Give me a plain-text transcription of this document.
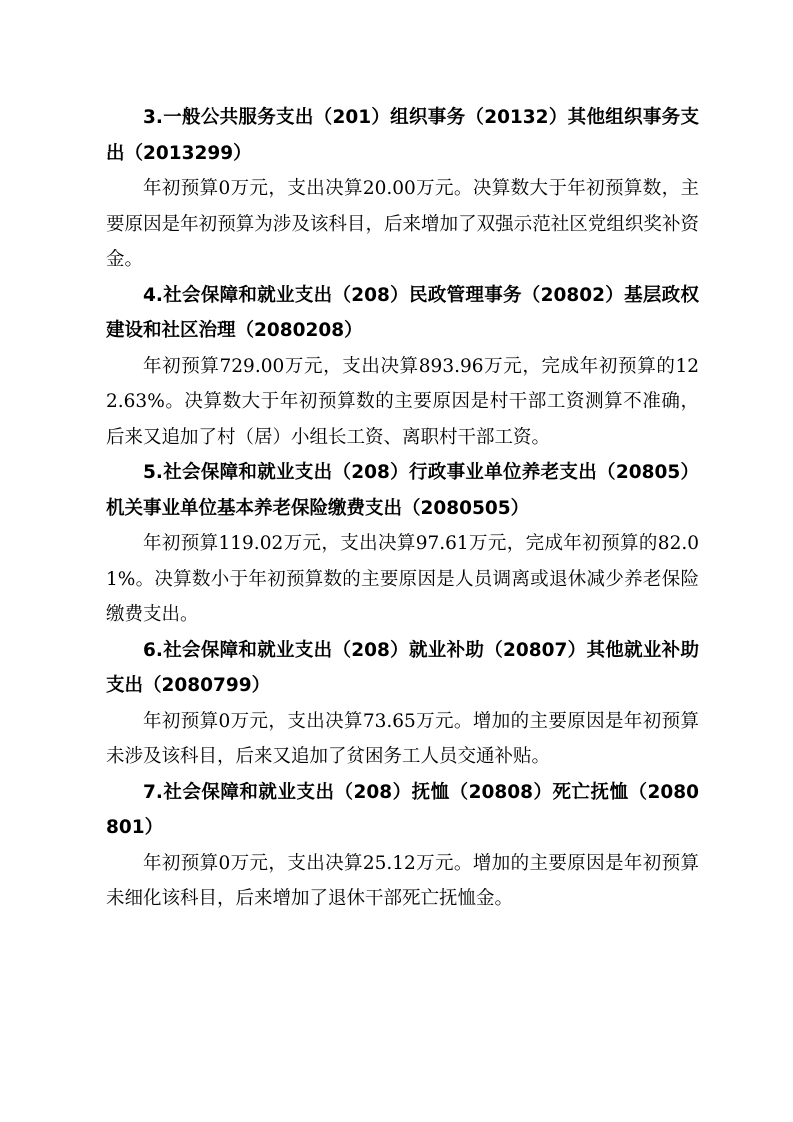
3.一般公共服务支出（201）组织事务（20132）其他组织事务支出（2013299）

年初预算0万元，支出决算20.00万元。决算数大于年初预算数，主要原因是年初预算为涉及该科目，后来增加了双强示范社区党组织奖补资金。

4.社会保障和就业支出（208）民政管理事务（20802）基层政权建设和社区治理（2080208）

年初预算729.00万元，支出决算893.96万元，完成年初预算的122.63%。决算数大于年初预算数的主要原因是村干部工资测算不准确，后来又追加了村（居）小组长工资、离职村干部工资。

5.社会保障和就业支出（208）行政事业单位养老支出（20805）机关事业单位基本养老保险缴费支出（2080505）

年初预算119.02万元，支出决算97.61万元，完成年初预算的82.01%。决算数小于年初预算数的主要原因是人员调离或退休减少养老保险缴费支出。

6.社会保障和就业支出（208）就业补助（20807）其他就业补助支出（2080799）

年初预算0万元，支出决算73.65万元。增加的主要原因是年初预算未涉及该科目，后来又追加了贫困务工人员交通补贴。

7.社会保障和就业支出（208）抚恤（20808）死亡抚恤（2080801）

年初预算0万元，支出决算25.12万元。增加的主要原因是年初预算未细化该科目，后来增加了退休干部死亡抚恤金。
